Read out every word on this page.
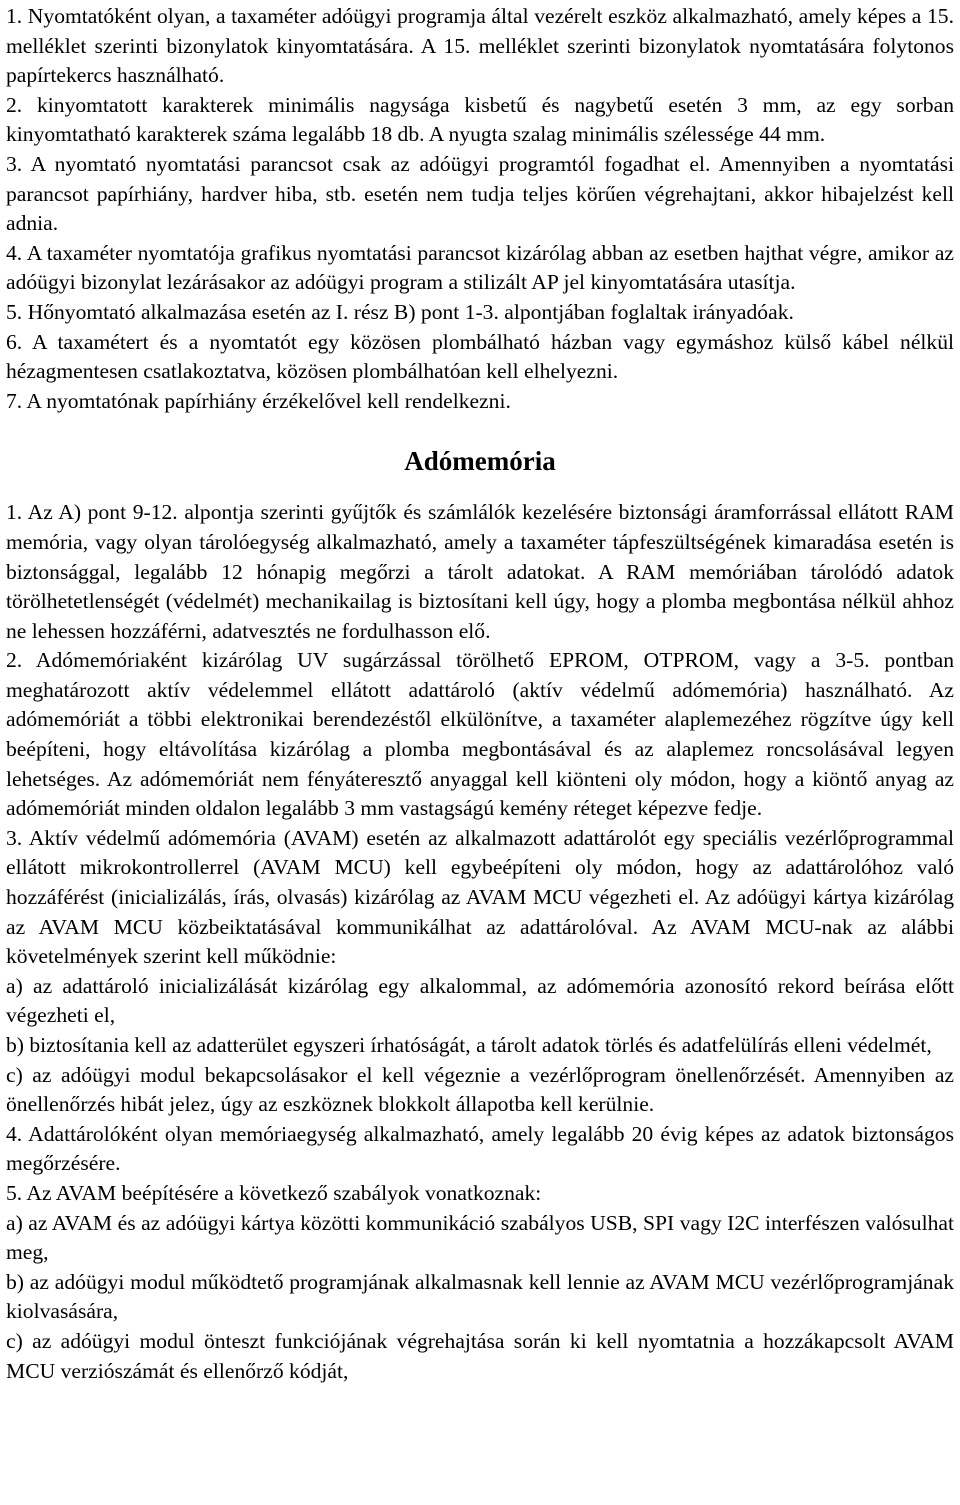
1. Nyomtatóként olyan, a taxaméter adóügyi programja által vezérelt eszköz alkalmazható, amely képes a 15. melléklet szerinti bizonylatok kinyomtatására. A 15. melléklet szerinti bizonylatok nyomtatására folytonos papírtekercs használható.

2. kinyomtatott karakterek minimális nagysága kisbetű és nagybetű esetén 3 mm, az egy sorban kinyomtatható karakterek száma legalább 18 db. A nyugta szalag minimális szélessége 44 mm.

3. A nyomtató nyomtatási parancsot csak az adóügyi programtól fogadhat el. Amennyiben a nyomtatási parancsot papírhiány, hardver hiba, stb. esetén nem tudja teljes körűen végrehajtani, akkor hibajelzést kell adnia.

4. A taxaméter nyomtatója grafikus nyomtatási parancsot kizárólag abban az esetben hajthat végre, amikor az adóügyi bizonylat lezárásakor az adóügyi program a stilizált AP jel kinyomtatására utasítja.

5. Hőnyomtató alkalmazása esetén az I. rész B) pont 1-3. alpontjában foglaltak irányadóak.

6. A taxamétert és a nyomtatót egy közösen plombálható házban vagy egymáshoz külső kábel nélkül hézagmentesen csatlakoztatva, közösen plombálhatóan kell elhelyezni.

7. A nyomtatónak papírhiány érzékelővel kell rendelkezni.

Adómemória

1. Az A) pont 9-12. alpontja szerinti gyűjtők és számlálók kezelésére biztonsági áramforrással ellátott RAM memória, vagy olyan tárolóegység alkalmazható, amely a taxaméter tápfeszültségének kimaradása esetén is biztonsággal, legalább 12 hónapig megőrzi a tárolt adatokat. A RAM memóriában tárolódó adatok törölhetetlenségét (védelmét) mechanikailag is biztosítani kell úgy, hogy a plomba megbontása nélkül ahhoz ne lehessen hozzáférni, adatvesztés ne fordulhasson elő.

2. Adómemóriaként kizárólag UV sugárzással törölhető EPROM, OTPROM, vagy a 3-5. pontban meghatározott aktív védelemmel ellátott adattároló (aktív védelmű adómemória) használható. Az adómemóriát a többi elektronikai berendezéstől elkülönítve, a taxaméter alaplemezéhez rögzítve úgy kell beépíteni, hogy eltávolítása kizárólag a plomba megbontásával és az alaplemez roncsolásával legyen lehetséges. Az adómemóriát nem fényáteresztő anyaggal kell kiönteni oly módon, hogy a kiöntő anyag az adómemóriát minden oldalon legalább 3 mm vastagságú kemény réteget képezve fedje.

3. Aktív védelmű adómemória (AVAM) esetén az alkalmazott adattárolót egy speciális vezérlőprogrammal ellátott mikrokontrollerrel (AVAM MCU) kell egybeépíteni oly módon, hogy az adattárolóhoz való hozzáférést (inicializálás, írás, olvasás) kizárólag az AVAM MCU végezheti el. Az adóügyi kártya kizárólag az AVAM MCU közbeiktatásával kommunikálhat az adattárolóval. Az AVAM MCU-nak az alábbi követelmények szerint kell működnie:

a) az adattároló inicializálását kizárólag egy alkalommal, az adómemória azonosító rekord beírása előtt végezheti el,

b) biztosítania kell az adatterület egyszeri írhatóságát, a tárolt adatok törlés és adatfelülírás elleni védelmét,

c) az adóügyi modul bekapcsolásakor el kell végeznie a vezérlőprogram önellenőrzését. Amennyiben az önellenőrzés hibát jelez, úgy az eszköznek blokkolt állapotba kell kerülnie.

4. Adattárolóként olyan memóriaegység alkalmazható, amely legalább 20 évig képes az adatok biztonságos megőrzésére.

5. Az AVAM beépítésére a következő szabályok vonatkoznak:

a) az AVAM és az adóügyi kártya közötti kommunikáció szabályos USB, SPI vagy I2C interfészen valósulhat meg,

b) az adóügyi modul működtető programjának alkalmasnak kell lennie az AVAM MCU vezérlőprogramjának kiolvasására,

c) az adóügyi modul önteszt funkciójának végrehajtása során ki kell nyomtatnia a hozzákapcsolt AVAM MCU verziószámát és ellenőrző kódját,
